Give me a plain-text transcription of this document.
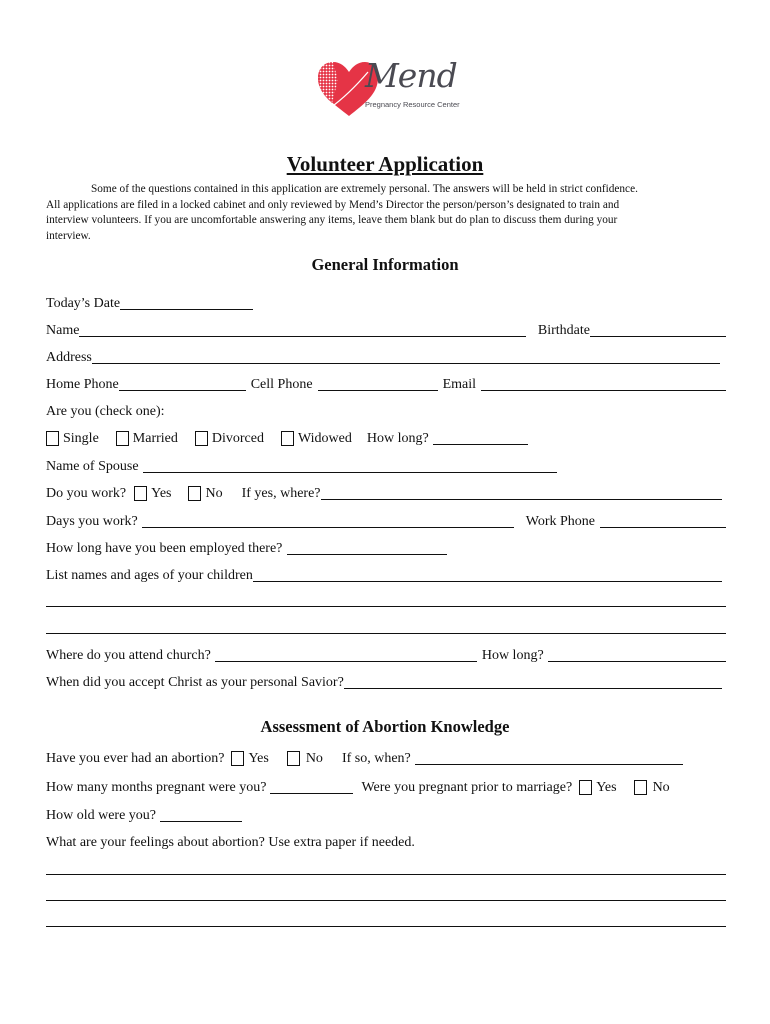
Mend
Pregnancy Resource Center
Volunteer Application
Some of the questions contained in this application are extremely personal. The answers will be held in strict confidence.
All applications are filed in a locked cabinet and only reviewed by Mend’s Director the person/person’s designated to train and
interview volunteers. If you are uncomfortable answering any items, leave them blank but do plan to discuss them during your
interview.
General Information
Today’s Date
Name	Birthdate
Address
Home Phone	Cell Phone	Email
Are you (check one):
Single Married Divorced Widowed How long?
Name of Spouse
Do you work? Yes No If yes, where?
Days you work?	Work Phone
How long have you been employed there?
List names and ages of your children
Where do you attend church?	How long?
When did you accept Christ as your personal Savior?
Assessment of Abortion Knowledge
Have you ever had an abortion? Yes	No If so, when?
How many months pregnant were you?	Were you pregnant prior to marriage? Yes	No
How old were you?
What are your feelings about abortion? Use extra paper if needed.
